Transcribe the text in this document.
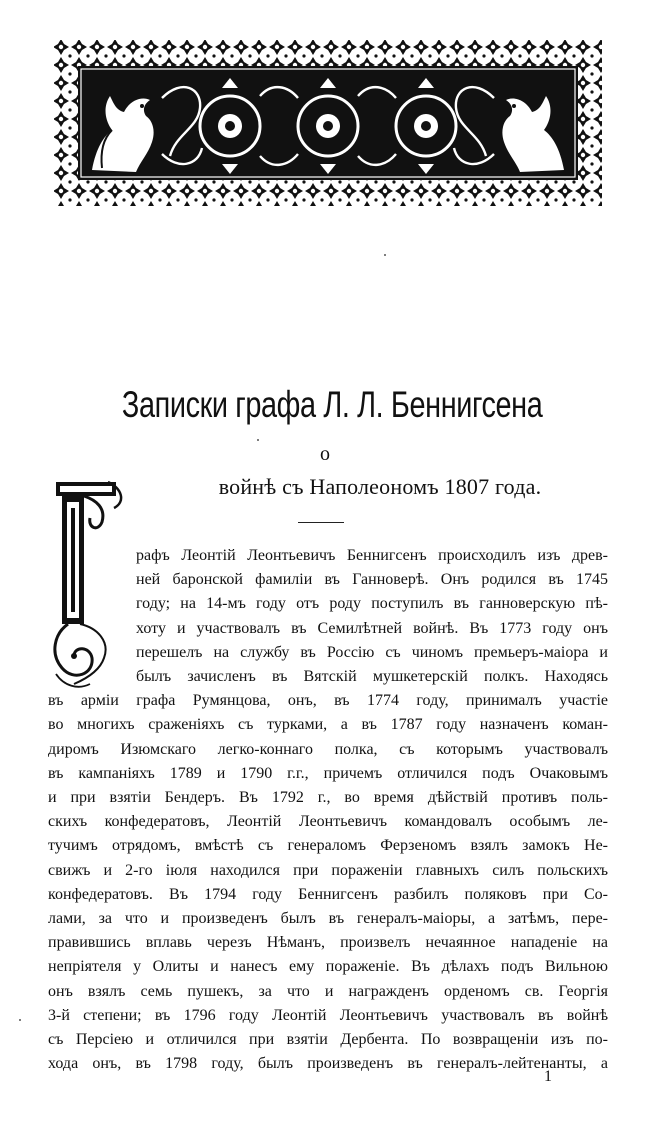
Записки графа Л. Л. Беннигсена
о
войнѣ съ Наполеономъ 1807 года.
рафъ Леонтій Леонтьевичъ Беннигсенъ происходилъ изъ древ-
ней баронской фамиліи въ Ганноверѣ. Онъ родился въ 1745
году; на 14-мъ году отъ роду поступилъ въ ганноверскую пѣ-
хоту и участвовалъ въ Семилѣтней войнѣ. Въ 1773 году онъ
перешелъ на службу въ Россію съ чиномъ премьеръ-маіора и
былъ зачисленъ въ Вятскій мушкетерскій полкъ. Находясь
въ арміи графа Румянцова, онъ, въ 1774 году, принималъ участіе
во многихъ сраженіяхъ съ турками, а въ 1787 году назначенъ коман-
диромъ Изюмскаго легко-коннаго полка, съ которымъ участвовалъ
въ кампаніяхъ 1789 и 1790 г.г., причемъ отличился подъ Очаковымъ
и при взятіи Бендеръ. Въ 1792 г., во время дѣйствій противъ поль-
скихъ конфедератовъ, Леонтій Леонтьевичъ командовалъ особымъ ле-
тучимъ отрядомъ, вмѣстѣ съ генераломъ Ферзеномъ взялъ замокъ Не-
свижъ и 2-го іюля находился при пораженіи главныхъ силъ польскихъ
конфедератовъ. Въ 1794 году Беннигсенъ разбилъ поляковъ при Со-
лами, за что и произведенъ былъ въ генералъ-маіоры, а затѣмъ, пере-
правившись вплавь черезъ Нѣманъ, произвелъ нечаянное нападеніе на
непріятеля у Олиты и нанесъ ему пораженіе. Въ дѣлахъ подъ Вильною
онъ взялъ семь пушекъ, за что и награжденъ орденомъ св. Георгія
3-й степени; въ 1796 году Леонтій Леонтьевичъ участвовалъ въ войнѣ
съ Персіею и отличился при взятіи Дербента. По возвращеніи изъ по-
хода онъ, въ 1798 году, былъ произведенъ въ генералъ-лейтенанты, а
1
